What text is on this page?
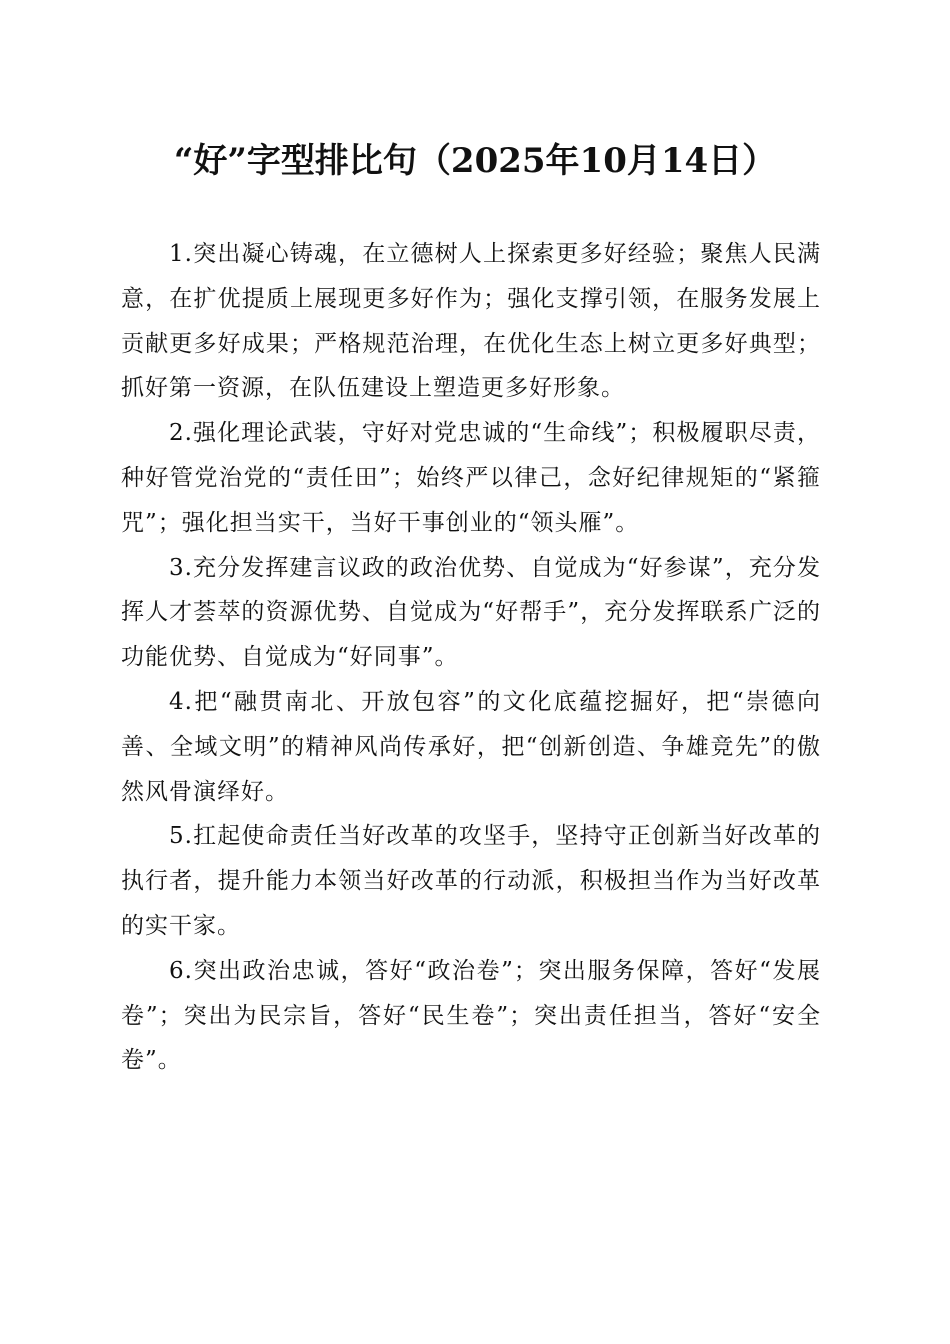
“好”字型排比句（2025年10月14日）

1.突出凝心铸魂，在立德树人上探索更多好经验；聚焦人民满意，在扩优提质上展现更多好作为；强化支撑引领，在服务发展上贡献更多好成果；严格规范治理，在优化生态上树立更多好典型；抓好第一资源，在队伍建设上塑造更多好形象。

2.强化理论武装，守好对党忠诚的“生命线”；积极履职尽责，种好管党治党的“责任田”；始终严以律己，念好纪律规矩的“紧箍咒”；强化担当实干，当好干事创业的“领头雁”。

3.充分发挥建言议政的政治优势、自觉成为“好参谋”，充分发挥人才荟萃的资源优势、自觉成为“好帮手”，充分发挥联系广泛的功能优势、自觉成为“好同事”。

4.把“融贯南北、开放包容”的文化底蕴挖掘好，把“崇德向善、全域文明”的精神风尚传承好，把“创新创造、争雄竞先”的傲然风骨演绎好。

5.扛起使命责任当好改革的攻坚手，坚持守正创新当好改革的执行者，提升能力本领当好改革的行动派，积极担当作为当好改革的实干家。

6.突出政治忠诚，答好“政治卷”；突出服务保障，答好“发展卷”；突出为民宗旨，答好“民生卷”；突出责任担当，答好“安全卷”。
